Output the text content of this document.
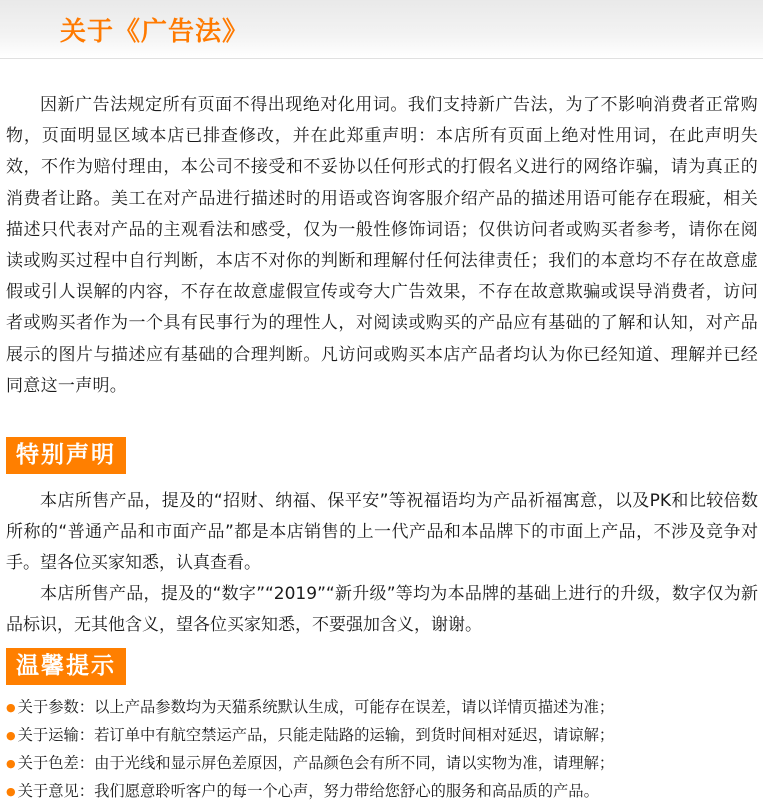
关于《广告法》

因新广告法规定所有页面不得出现绝对化用词。我们支持新广告法，为了不影响消费者正常购物，页面明显区域本店已排查修改，并在此郑重声明：本店所有页面上绝对性用词，在此声明失效，不作为赔付理由，本公司不接受和不妥协以任何形式的打假名义进行的网络诈骗，请为真正的消费者让路。美工在对产品进行描述时的用语或咨询客服介绍产品的描述用语可能存在瑕疵，相关描述只代表对产品的主观看法和感受，仅为一般性修饰词语；仅供访问者或购买者参考，请你在阅读或购买过程中自行判断，本店不对你的判断和理解付任何法律责任；我们的本意均不存在故意虚假或引人误解的内容，不存在故意虚假宣传或夸大广告效果，不存在故意欺骗或误导消费者，访问者或购买者作为一个具有民事行为的理性人，对阅读或购买的产品应有基础的了解和认知，对产品展示的图片与描述应有基础的合理判断。凡访问或购买本店产品者均认为你已经知道、理解并已经同意这一声明。

特别声明

本店所售产品，提及的“招财、纳福、保平安”等祝福语均为产品祈福寓意，以及PK和比较倍数所称的“普通产品和市面产品”都是本店销售的上一代产品和本品牌下的市面上产品，不涉及竞争对手。望各位买家知悉，认真查看。

本店所售产品，提及的“数字”“2019”“新升级”等均为本品牌的基础上进行的升级，数字仅为新品标识，无其他含义，望各位买家知悉，不要强加含义，谢谢。

温馨提示
● 关于参数：以上产品参数均为天猫系统默认生成，可能存在误差，请以详情页描述为准；
● 关于运输：若订单中有航空禁运产品，只能走陆路的运输，到货时间相对延迟，请谅解；
● 关于色差：由于光线和显示屏色差原因，产品颜色会有所不同，请以实物为准，请理解；
● 关于意见：我们愿意聆听客户的每一个心声，努力带给您舒心的服务和高品质的产品。
